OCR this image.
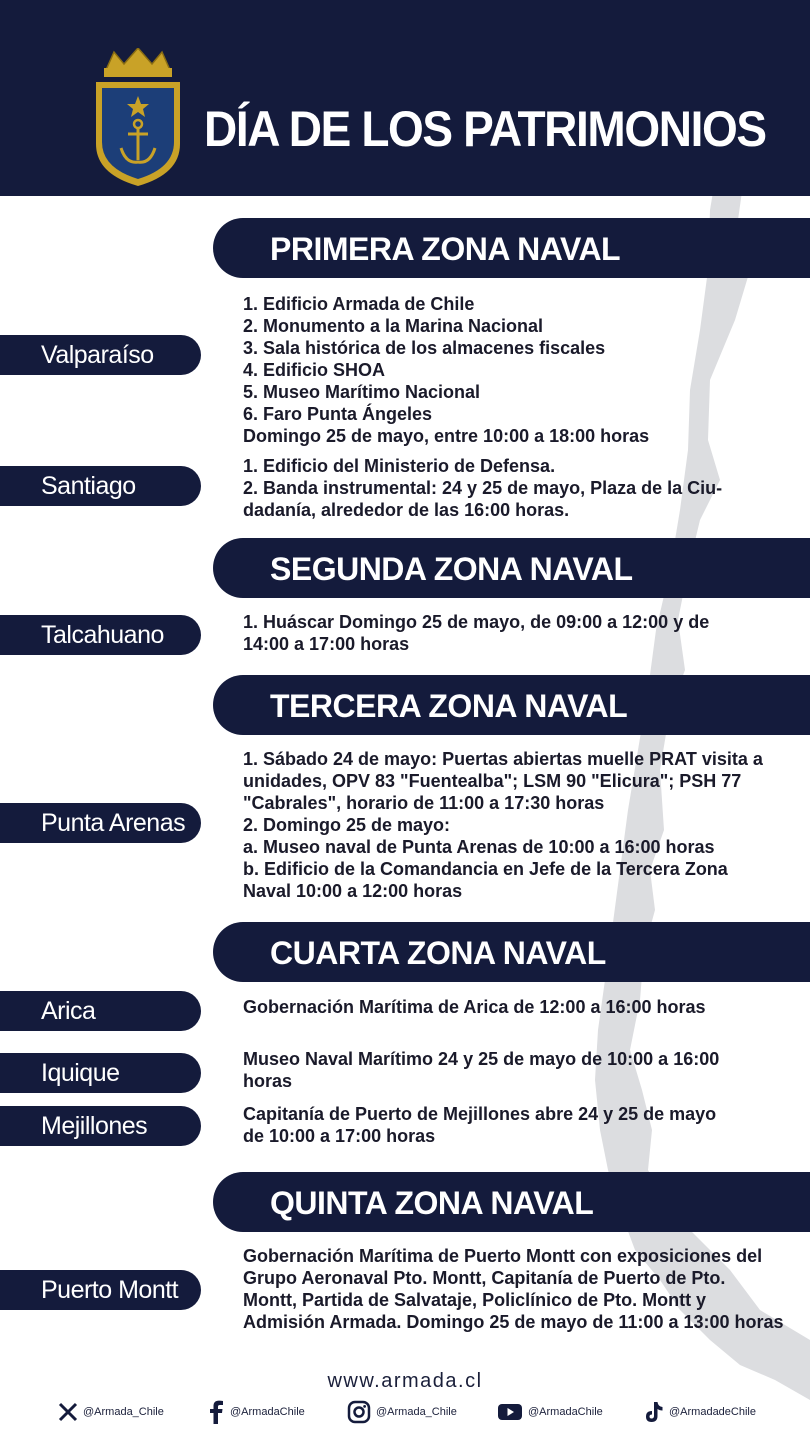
DÍA DE LOS PATRIMONIOS
PRIMERA ZONA NAVAL
Valparaíso
1. Edificio Armada de Chile
2. Monumento a la Marina Nacional
3. Sala histórica de los almacenes fiscales
4. Edificio SHOA
5. Museo Marítimo Nacional
6. Faro Punta Ángeles
Domingo 25 de mayo, entre 10:00 a 18:00 horas
Santiago
1. Edificio del Ministerio de Defensa.
2. Banda instrumental: 24 y 25 de mayo, Plaza de la Ciu-
dadanía, alrededor de las 16:00 horas.
SEGUNDA ZONA NAVAL
Talcahuano	1. Huáscar Domingo 25 de mayo, de 09:00 a 12:00 y de
14:00 a 17:00 horas
TERCERA ZONA NAVAL
Punta Arenas
1. Sábado 24 de mayo: Puertas abiertas muelle PRAT visita a
unidades, OPV 83 "Fuentealba"; LSM 90 "Elicura"; PSH 77
"Cabrales", horario de 11:00 a 17:30 horas
2. Domingo 25 de mayo:
a. Museo naval de Punta Arenas de 10:00 a 16:00 horas
b. Edificio de la Comandancia en Jefe de la Tercera Zona
Naval 10:00 a 12:00 horas
CUARTA ZONA NAVAL
Arica	Gobernación Marítima de Arica de 12:00 a 16:00 horas
Iquique	Museo Naval Marítimo 24 y 25 de mayo de 10:00 a 16:00
horas
Mejillones	Capitanía de Puerto de Mejillones abre 24 y 25 de mayo
de 10:00 a 17:00 horas
QUINTA ZONA NAVAL
Puerto Montt
Gobernación Marítima de Puerto Montt con exposiciones del
Grupo Aeronaval Pto. Montt, Capitanía de Puerto de Pto.
Montt, Partida de Salvataje, Policlínico de Pto. Montt y
Admisión Armada. Domingo 25 de mayo de 11:00 a 13:00 horas
www.armada.cl
@Armada_Chile	@ArmadaChile	@Armada_Chile	@ArmadaChile	@ArmadadeChile
